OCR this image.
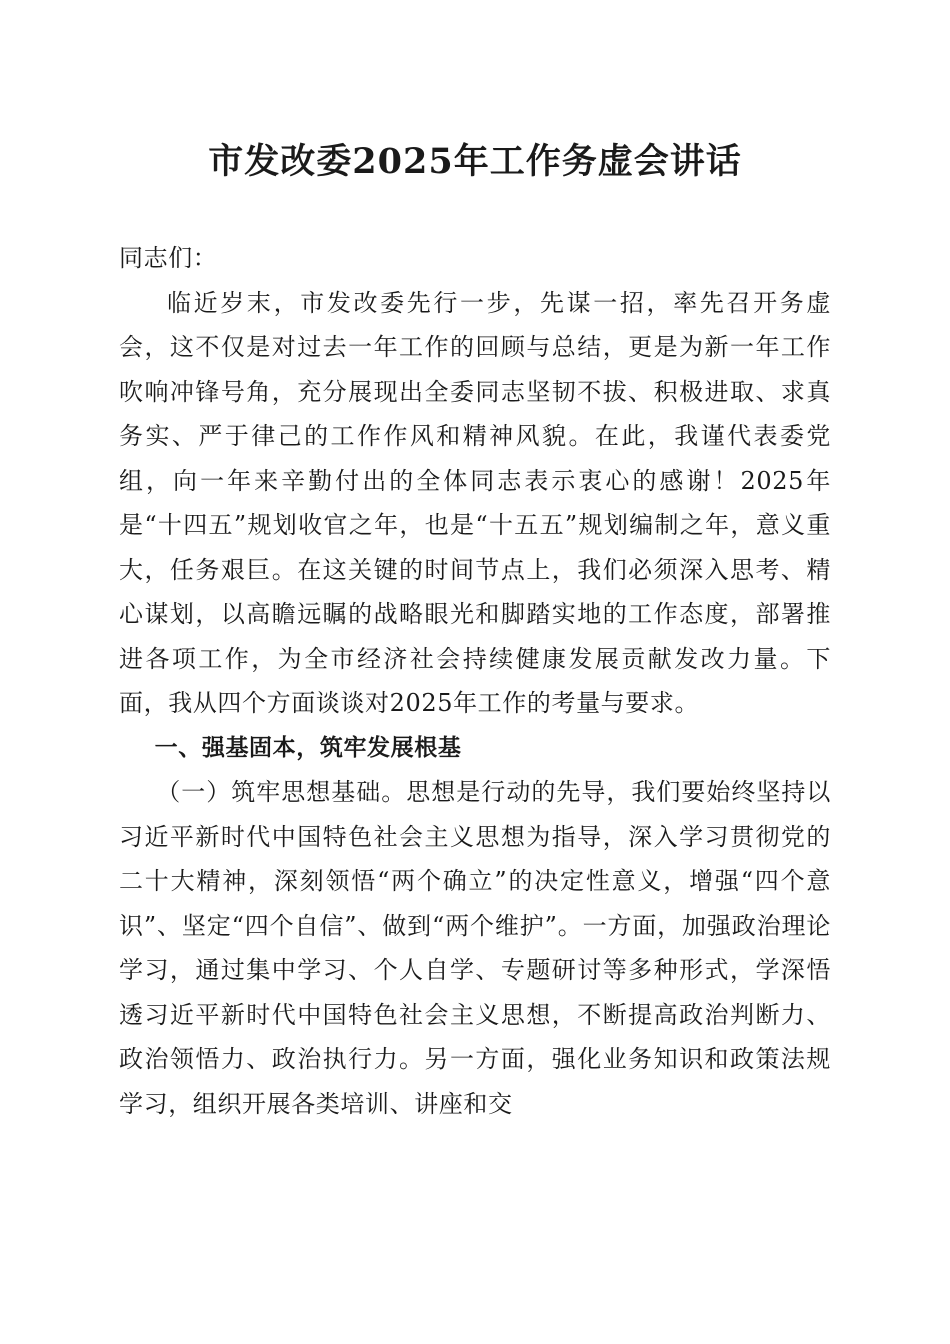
市发改委2025年工作务虚会讲话

同志们：

临近岁末，市发改委先行一步，先谋一招，率先召开务虚会，这不仅是对过去一年工作的回顾与总结，更是为新一年工作吹响冲锋号角，充分展现出全委同志坚韧不拔、积极进取、求真务实、严于律己的工作作风和精神风貌。在此，我谨代表委党组，向一年来辛勤付出的全体同志表示衷心的感谢！2025年是“十四五”规划收官之年，也是“十五五”规划编制之年，意义重大，任务艰巨。在这关键的时间节点上，我们必须深入思考、精心谋划，以高瞻远瞩的战略眼光和脚踏实地的工作态度，部署推进各项工作，为全市经济社会持续健康发展贡献发改力量。下面，我从四个方面谈谈对2025年工作的考量与要求。

一、强基固本，筑牢发展根基

（一）筑牢思想基础。思想是行动的先导，我们要始终坚持以习近平新时代中国特色社会主义思想为指导，深入学习贯彻党的二十大精神，深刻领悟“两个确立”的决定性意义，增强“四个意识”、坚定“四个自信”、做到“两个维护”。一方面，加强政治理论学习，通过集中学习、个人自学、专题研讨等多种形式，学深悟透习近平新时代中国特色社会主义思想，不断提高政治判断力、政治领悟力、政治执行力。另一方面，强化业务知识和政策法规学习，组织开展各类培训、讲座和交
